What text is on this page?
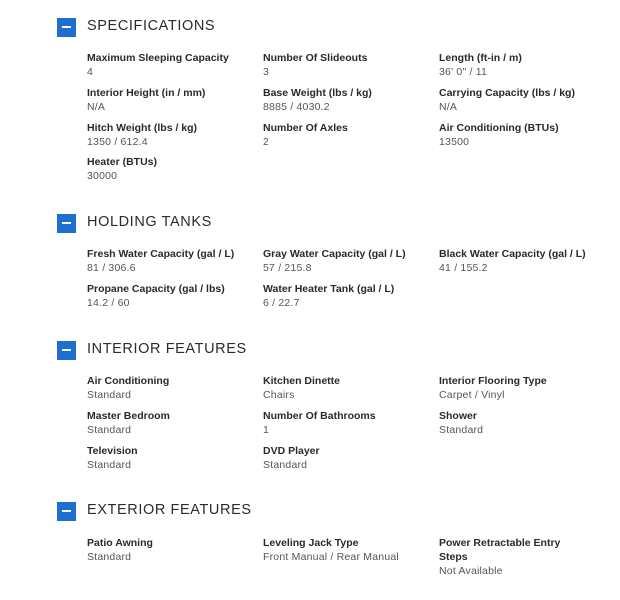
SPECIFICATIONS
Maximum Sleeping Capacity
4
Number Of Slideouts
3
Length (ft-in / m)
36' 0" / 11
Interior Height (in / mm)
N/A
Base Weight (lbs / kg)
8885 / 4030.2
Carrying Capacity (lbs / kg)
N/A
Hitch Weight (lbs / kg)
1350 / 612.4
Number Of Axles
2
Air Conditioning (BTUs)
13500
Heater (BTUs)
30000
HOLDING TANKS
Fresh Water Capacity (gal / L)
81 / 306.6
Gray Water Capacity (gal / L)
57 / 215.8
Black Water Capacity (gal / L)
41 / 155.2
Propane Capacity (gal / lbs)
14.2 / 60
Water Heater Tank (gal / L)
6 / 22.7
INTERIOR FEATURES
Air Conditioning
Standard
Kitchen Dinette
Chairs
Interior Flooring Type
Carpet / Vinyl
Master Bedroom
Standard
Number Of Bathrooms
1
Shower
Standard
Television
Standard
DVD Player
Standard
EXTERIOR FEATURES
Patio Awning
Standard
Leveling Jack Type
Front Manual / Rear Manual
Power Retractable Entry Steps
Not Available
